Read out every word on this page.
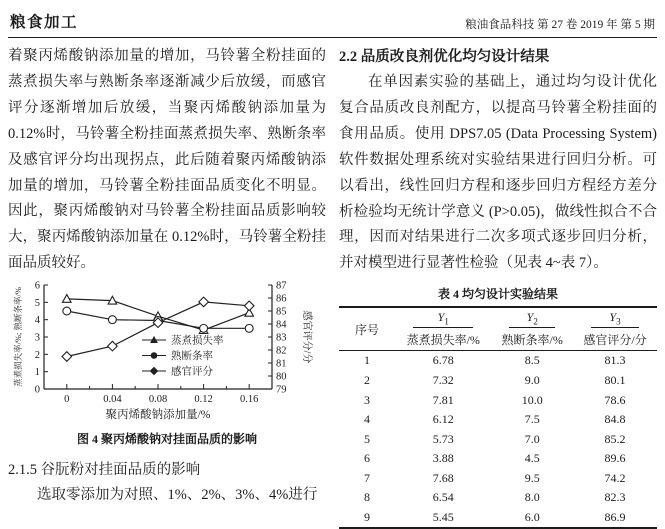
粮食加工	粮油食品科技 第 27 卷 2019 年 第 5 期

着聚丙烯酸钠添加量的增加，马铃薯全粉挂面的蒸煮损失率与熟断条率逐渐减少后放缓，而感官评分逐渐增加后放缓，当聚丙烯酸钠添加量为0.12%时，马铃薯全粉挂面蒸煮损失率、熟断条率及感官评分均出现拐点，此后随着聚丙烯酸钠添加量的增加，马铃薯全粉挂面品质变化不明显。因此，聚丙烯酸钠对马铃薯全粉挂面品质影响较大，聚丙烯酸钠添加量在 0.12%时，马铃薯全粉挂面品质较好。

0
1
2
3
4
5
6
79
80
81
82
83
84
85
86
87
0	0.04	0.08	0.12	0.16
蒸煮损失率/%; 熟断条率/%	感官评分/分
聚丙烯酸钠添加量/%
蒸煮损失率
熟断条率
感官评分
图 4 聚丙烯酸钠对挂面品质的影响
2.1.5 谷朊粉对挂面品质的影响

选取零添加为对照、1%、2%、3%、4%进行

2.2 品质改良剂优化均匀设计结果

在单因素实验的基础上，通过均匀设计优化复合品质改良剂配方，以提高马铃薯全粉挂面的食用品质。使用 DPS7.05 (Data Processing System) 软件数据处理系统对实验结果进行回归分析。可以看出，线性回归方程和逐步回归方程经方差分析检验均无统计学意义 (P>0.05)，做线性拟合不合理，因而对结果进行二次多项式逐步回归分析，并对模型进行显著性检验（见表 4~表 7）。

表 4 均匀设计实验结果
序号	$Y_1$	$Y_2$	$Y_3$

	蒸煮损失率/%	熟断条率/%	感官评分/分
1	6.78	8.5	81.3
2	7.32	9.0	80.1
3	7.81	10.0	78.6
4	6.12	7.5	84.8
5	5.73	7.0	85.2
6	3.88	4.5	89.6
7	7.68	9.5	74.2
8	6.54	8.0	82.3
9	5.45	6.0	86.9
